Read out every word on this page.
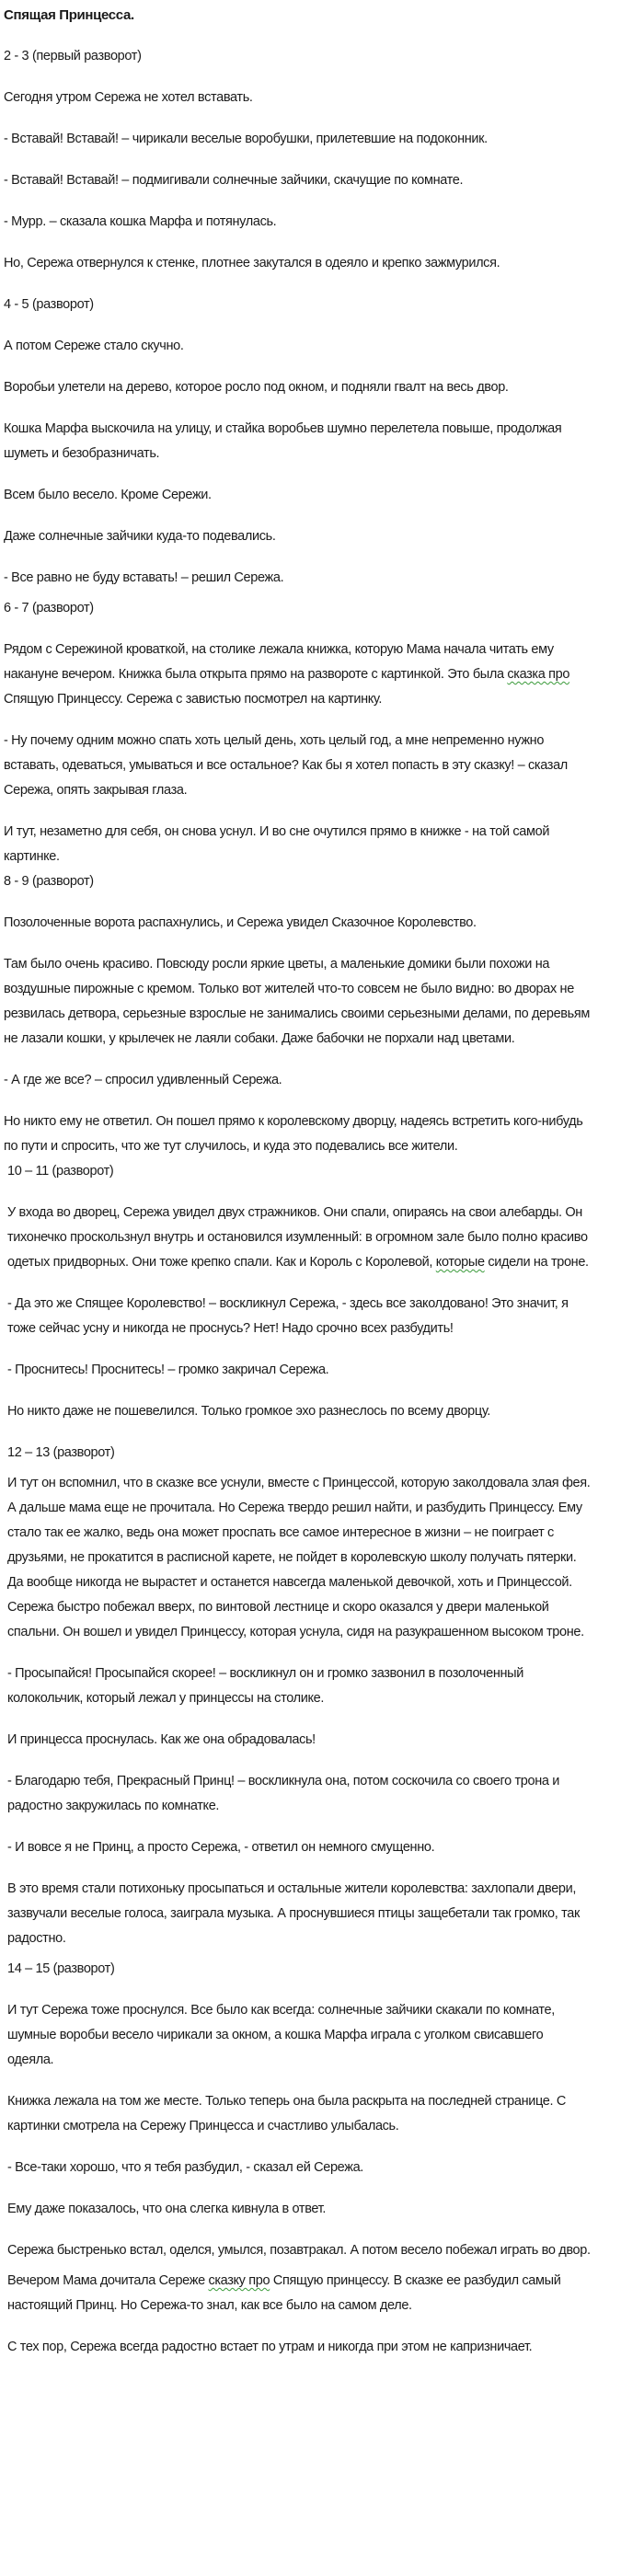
Спящая Принцесса.

2 - 3 (первый разворот)

Сегодня утром Сережа не хотел вставать.

- Вставай! Вставай! – чирикали веселые воробушки, прилетевшие на подоконник.

- Вставай! Вставай! – подмигивали солнечные зайчики, скачущие по комнате.

- Мурр. – сказала кошка Марфа и потянулась.

Но, Сережа отвернулся к стенке, плотнее закутался в одеяло и крепко зажмурился.

4 - 5 (разворот)

А потом Сереже стало скучно.

Воробьи улетели на дерево, которое росло под окном, и подняли гвалт на весь двор.

Кошка Марфа выскочила на улицу, и стайка воробьев шумно перелетела повыше, продолжая шуметь и безобразничать.

Всем было весело. Кроме Сережи.

Даже солнечные зайчики куда-то подевались.

- Все равно не буду вставать! – решил Сережа.

6 - 7 (разворот)

Рядом с Сережиной кроваткой, на столике лежала книжка, которую Мама начала читать ему накануне вечером. Книжка была открыта прямо на развороте с картинкой. Это была сказка про Спящую Принцессу. Сережа с завистью посмотрел на картинку.

- Ну почему одним можно спать хоть целый день, хоть целый год, а мне непременно нужно вставать, одеваться, умываться и все остальное? Как бы я хотел попасть в эту сказку! – сказал Сережа, опять закрывая глаза.

И тут, незаметно для себя, он снова уснул. И во сне очутился прямо в книжке - на той самой картинке.

8 - 9 (разворот)

Позолоченные ворота распахнулись, и Сережа увидел Сказочное Королевство.

Там было очень красиво. Повсюду росли яркие цветы, а маленькие домики были похожи на воздушные пирожные с кремом. Только вот жителей что-то совсем не было видно: во дворах не резвилась детвора, серьезные взрослые не занимались своими серьезными делами, по деревьям не лазали кошки, у крылечек не лаяли собаки. Даже бабочки не порхали над цветами.

- А где же все? – спросил удивленный Сережа.

Но никто ему не ответил. Он пошел прямо к королевскому дворцу, надеясь встретить кого-нибудь по пути и спросить, что же тут случилось, и куда это подевались все жители.

10 – 11 (разворот)

У входа во дворец, Сережа увидел двух стражников. Они спали, опираясь на свои алебарды. Он тихонечко проскользнул внутрь и остановился изумленный: в огромном зале было полно красиво одетых придворных. Они тоже крепко спали. Как и Король с Королевой, которые сидели на троне.

- Да это же Спящее Королевство! – воскликнул Сережа, - здесь все заколдовано! Это значит, я тоже сейчас усну и никогда не проснусь? Нет! Надо срочно всех разбудить!

- Проснитесь! Проснитесь! – громко закричал Сережа.

Но никто даже не пошевелился. Только громкое эхо разнеслось по всему дворцу.

12 – 13 (разворот)

И тут он вспомнил, что в сказке все уснули, вместе с Принцессой, которую заколдовала злая фея. А дальше мама еще не прочитала. Но Сережа твердо решил найти, и разбудить Принцессу. Ему стало так ее жалко, ведь она может проспать все самое интересное в жизни – не поиграет с друзьями, не прокатится в расписной карете, не пойдет в королевскую школу получать пятерки. Да вообще никогда не вырастет и останется навсегда маленькой девочкой, хоть и Принцессой.

Сережа быстро побежал вверх, по винтовой лестнице и скоро оказался у двери маленькой спальни. Он вошел и увидел Принцессу, которая уснула, сидя на разукрашенном высоком троне.

- Просыпайся! Просыпайся скорее! – воскликнул он и громко зазвонил в позолоченный колокольчик, который лежал у принцессы на столике.

И принцесса проснулась. Как же она обрадовалась!

- Благодарю тебя, Прекрасный Принц! – воскликнула она, потом соскочила со своего трона и радостно закружилась по комнатке.

- И вовсе я не Принц, а просто Сережа, - ответил он немного смущенно.

В это время стали потихоньку просыпаться и остальные жители королевства: захлопали двери, зазвучали веселые голоса, заиграла музыка. А проснувшиеся птицы защебетали так громко, так радостно.

14 – 15 (разворот)

И тут Сережа тоже проснулся. Все было как всегда: солнечные зайчики скакали по комнате, шумные воробьи весело чирикали за окном, а кошка Марфа играла с уголком свисавшего одеяла.

Книжка лежала на том же месте. Только теперь она была раскрыта на последней странице. С картинки смотрела на Сережу Принцесса и счастливо улыбалась.

- Все-таки хорошо, что я тебя разбудил, - сказал ей Сережа.

Ему даже показалось, что она слегка кивнула в ответ.

Сережа быстренько встал, оделся, умылся, позавтракал. А потом весело побежал играть во двор.

Вечером Мама дочитала Сереже сказку про Спящую принцессу. В сказке ее разбудил самый настоящий Принц. Но Сережа-то знал, как все было на самом деле.

С тех пор, Сережа всегда радостно встает по утрам и никогда при этом не капризничает.
